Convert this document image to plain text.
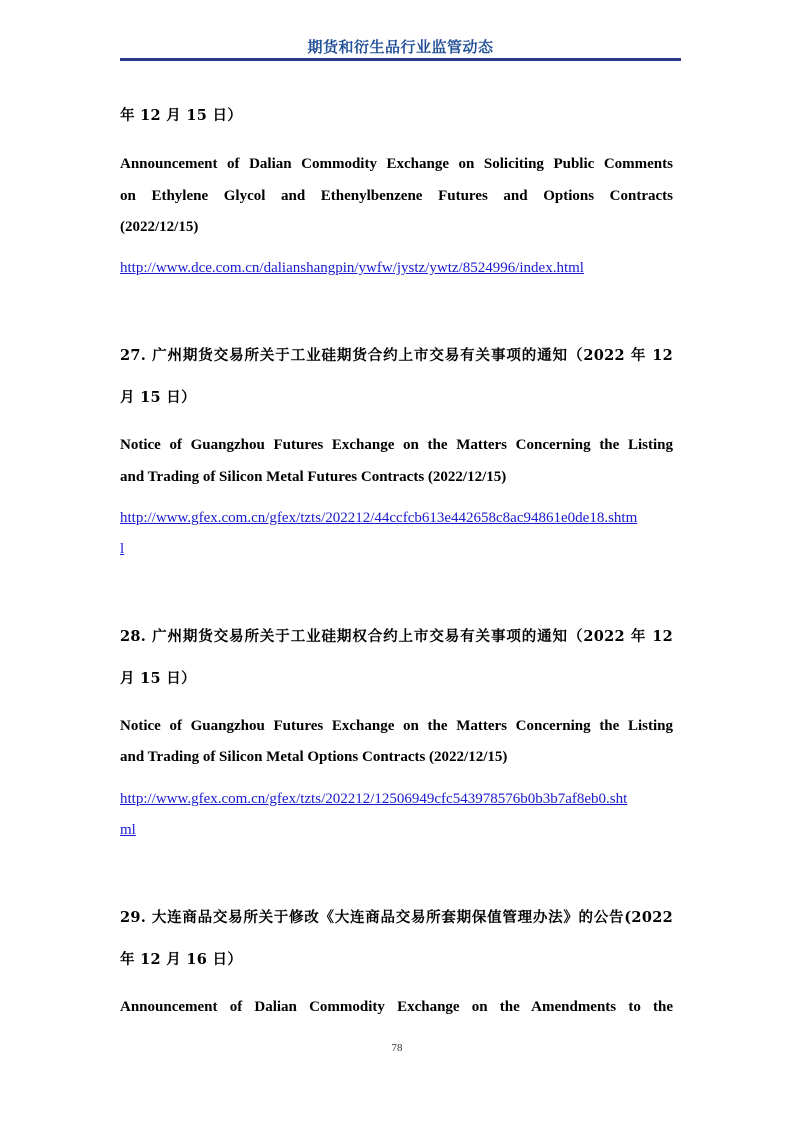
期货和衍生品行业监管动态
年 12 月 15 日）
Announcement of Dalian Commodity Exchange on Soliciting Public Comments
on Ethylene Glycol and Ethenylbenzene Futures and Options Contracts
(2022/12/15)
http://www.dce.com.cn/dalianshangpin/ywfw/jystz/ywtz/8524996/index.html
27. 广州期货交易所关于工业硅期货合约上市交易有关事项的通知（2022 年 12
月 15 日）
Notice of Guangzhou Futures Exchange on the Matters Concerning the Listing
and Trading of Silicon Metal Futures Contracts (2022/12/15)
http://www.gfex.com.cn/gfex/tzts/202212/44ccfcb613e442658c8ac94861e0de18.shtm
l
28. 广州期货交易所关于工业硅期权合约上市交易有关事项的通知（2022 年 12
月 15 日）
Notice of Guangzhou Futures Exchange on the Matters Concerning the Listing
and Trading of Silicon Metal Options Contracts (2022/12/15)
http://www.gfex.com.cn/gfex/tzts/202212/12506949cfc543978576b0b3b7af8eb0.sht
ml
29. 大连商品交易所关于修改《大连商品交易所套期保值管理办法》的公告(2022
年 12 月 16 日）
Announcement of Dalian Commodity Exchange on the Amendments to the
78
